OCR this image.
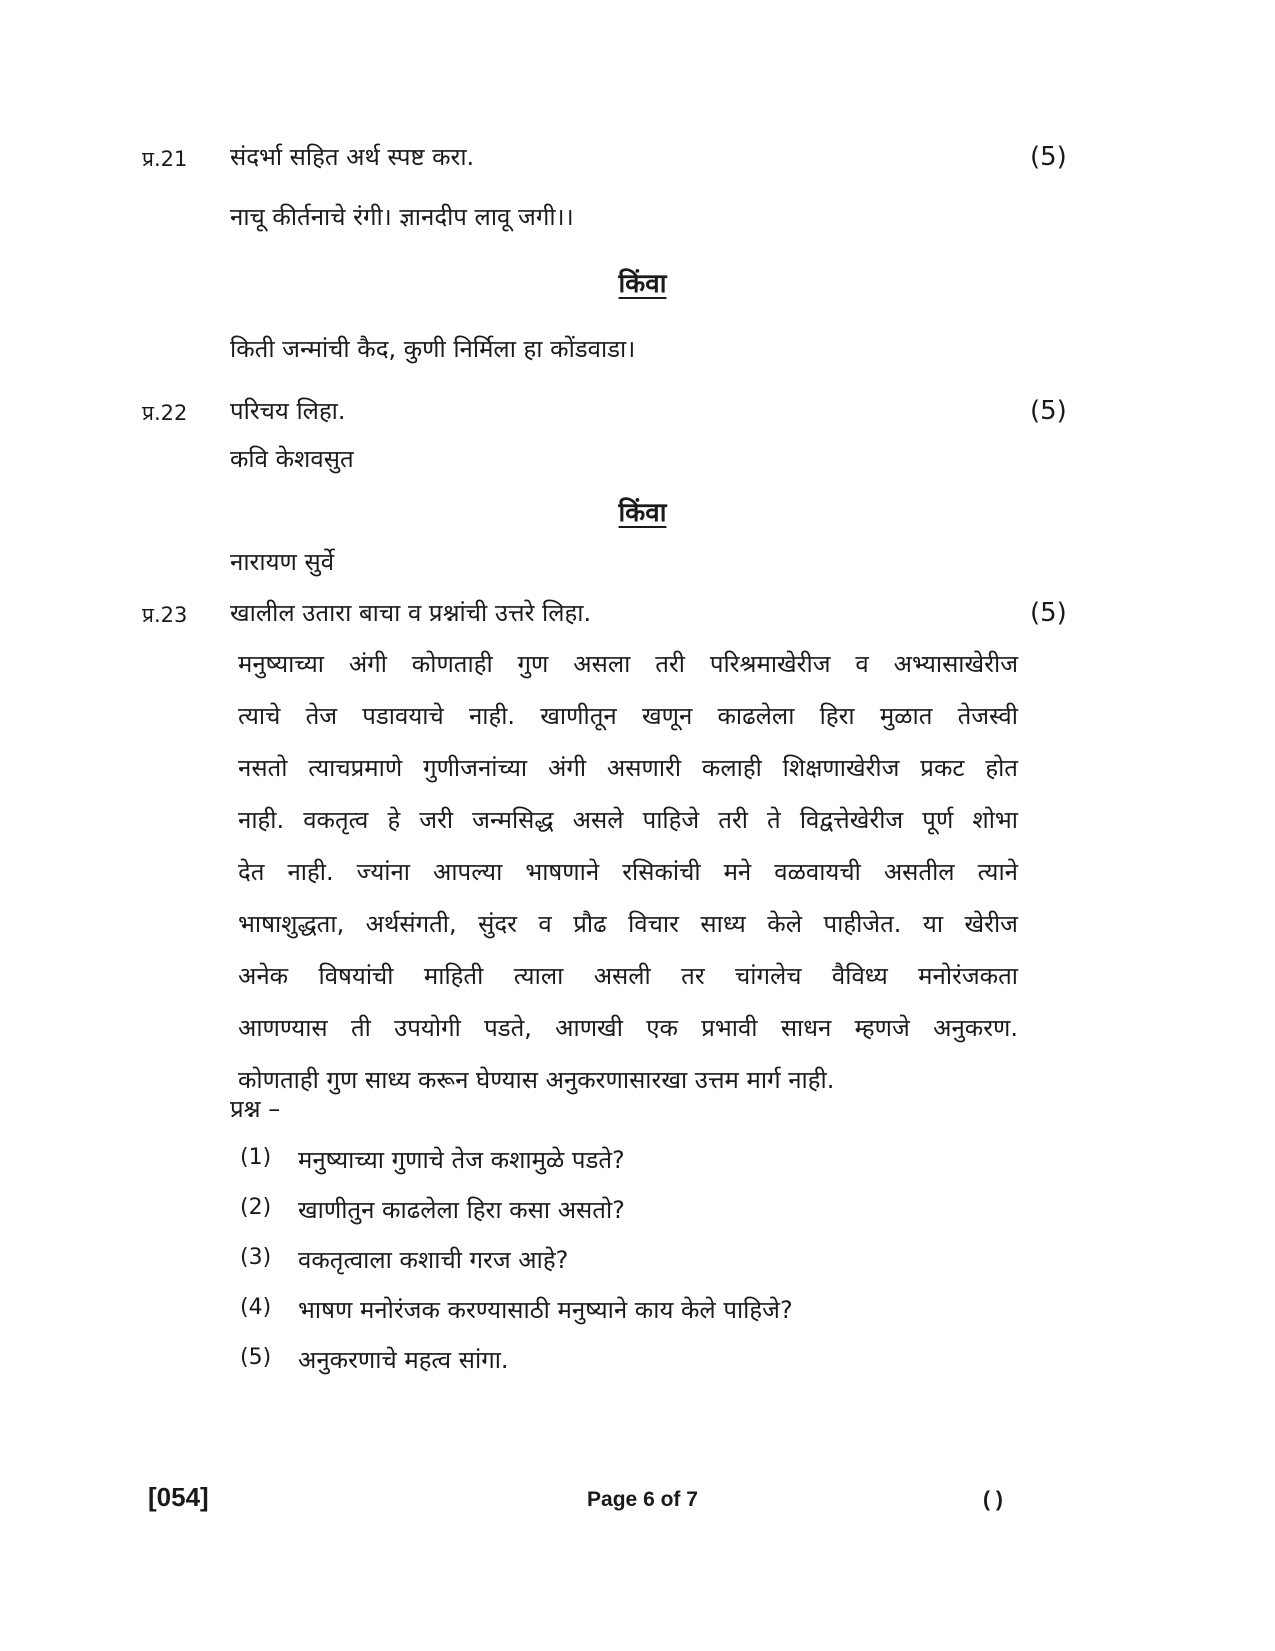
प्र.21 संदर्भा सहित अर्थ स्पष्ट करा.	(5)
नाचू कीर्तनाचे रंगी। ज्ञानदीप लावू जगी।।
किंवा
किती जन्मांची कैद, कुणी निर्मिला हा कोंडवाडा।
प्र.22 परिचय लिहा.	(5)
कवि केशवसुत
किंवा
नारायण सुर्वे
प्र.23 खालील उतारा बाचा व प्रश्नांची उत्तरे लिहा.	(5)
मनुष्याच्या अंगी कोणताही गुण असला तरी परिश्रमाखेरीज व अभ्यासाखेरीज
त्याचे तेज पडावयाचे नाही. खाणीतून खणून काढलेला हिरा मुळात तेजस्वी
नसतो त्याचप्रमाणे गुणीजनांच्या अंगी असणारी कलाही शिक्षणाखेरीज प्रकट होत
नाही. वकतृत्व हे जरी जन्मसिद्ध असले पाहिजे तरी ते विद्वत्तेखेरीज पूर्ण शोभा
देत नाही. ज्यांना आपल्या भाषणाने रसिकांची मने वळवायची असतील त्याने
भाषाशुद्धता, अर्थसंगती, सुंदर व प्रौढ विचार साध्य केले पाहीजेत. या खेरीज
अनेक विषयांची माहिती त्याला असली तर चांगलेच वैविध्य मनोरंजकता
आणण्यास ती उपयोगी पडते, आणखी एक प्रभावी साधन म्हणजे अनुकरण.
कोणताही गुण साध्य करून घेण्यास अनुकरणासारखा उत्तम मार्ग नाही.
प्रश्न –
(1) मनुष्याच्या गुणाचे तेज कशामुळे पडते?
(2) खाणीतुन काढलेला हिरा कसा असतो?
(3) वकतृत्वाला कशाची गरज आहे?
(4) भाषण मनोरंजक करण्यासाठी मनुष्याने काय केले पाहिजे?
(5) अनुकरणाचे महत्व सांगा.
[054]	Page 6 of 7	( )
